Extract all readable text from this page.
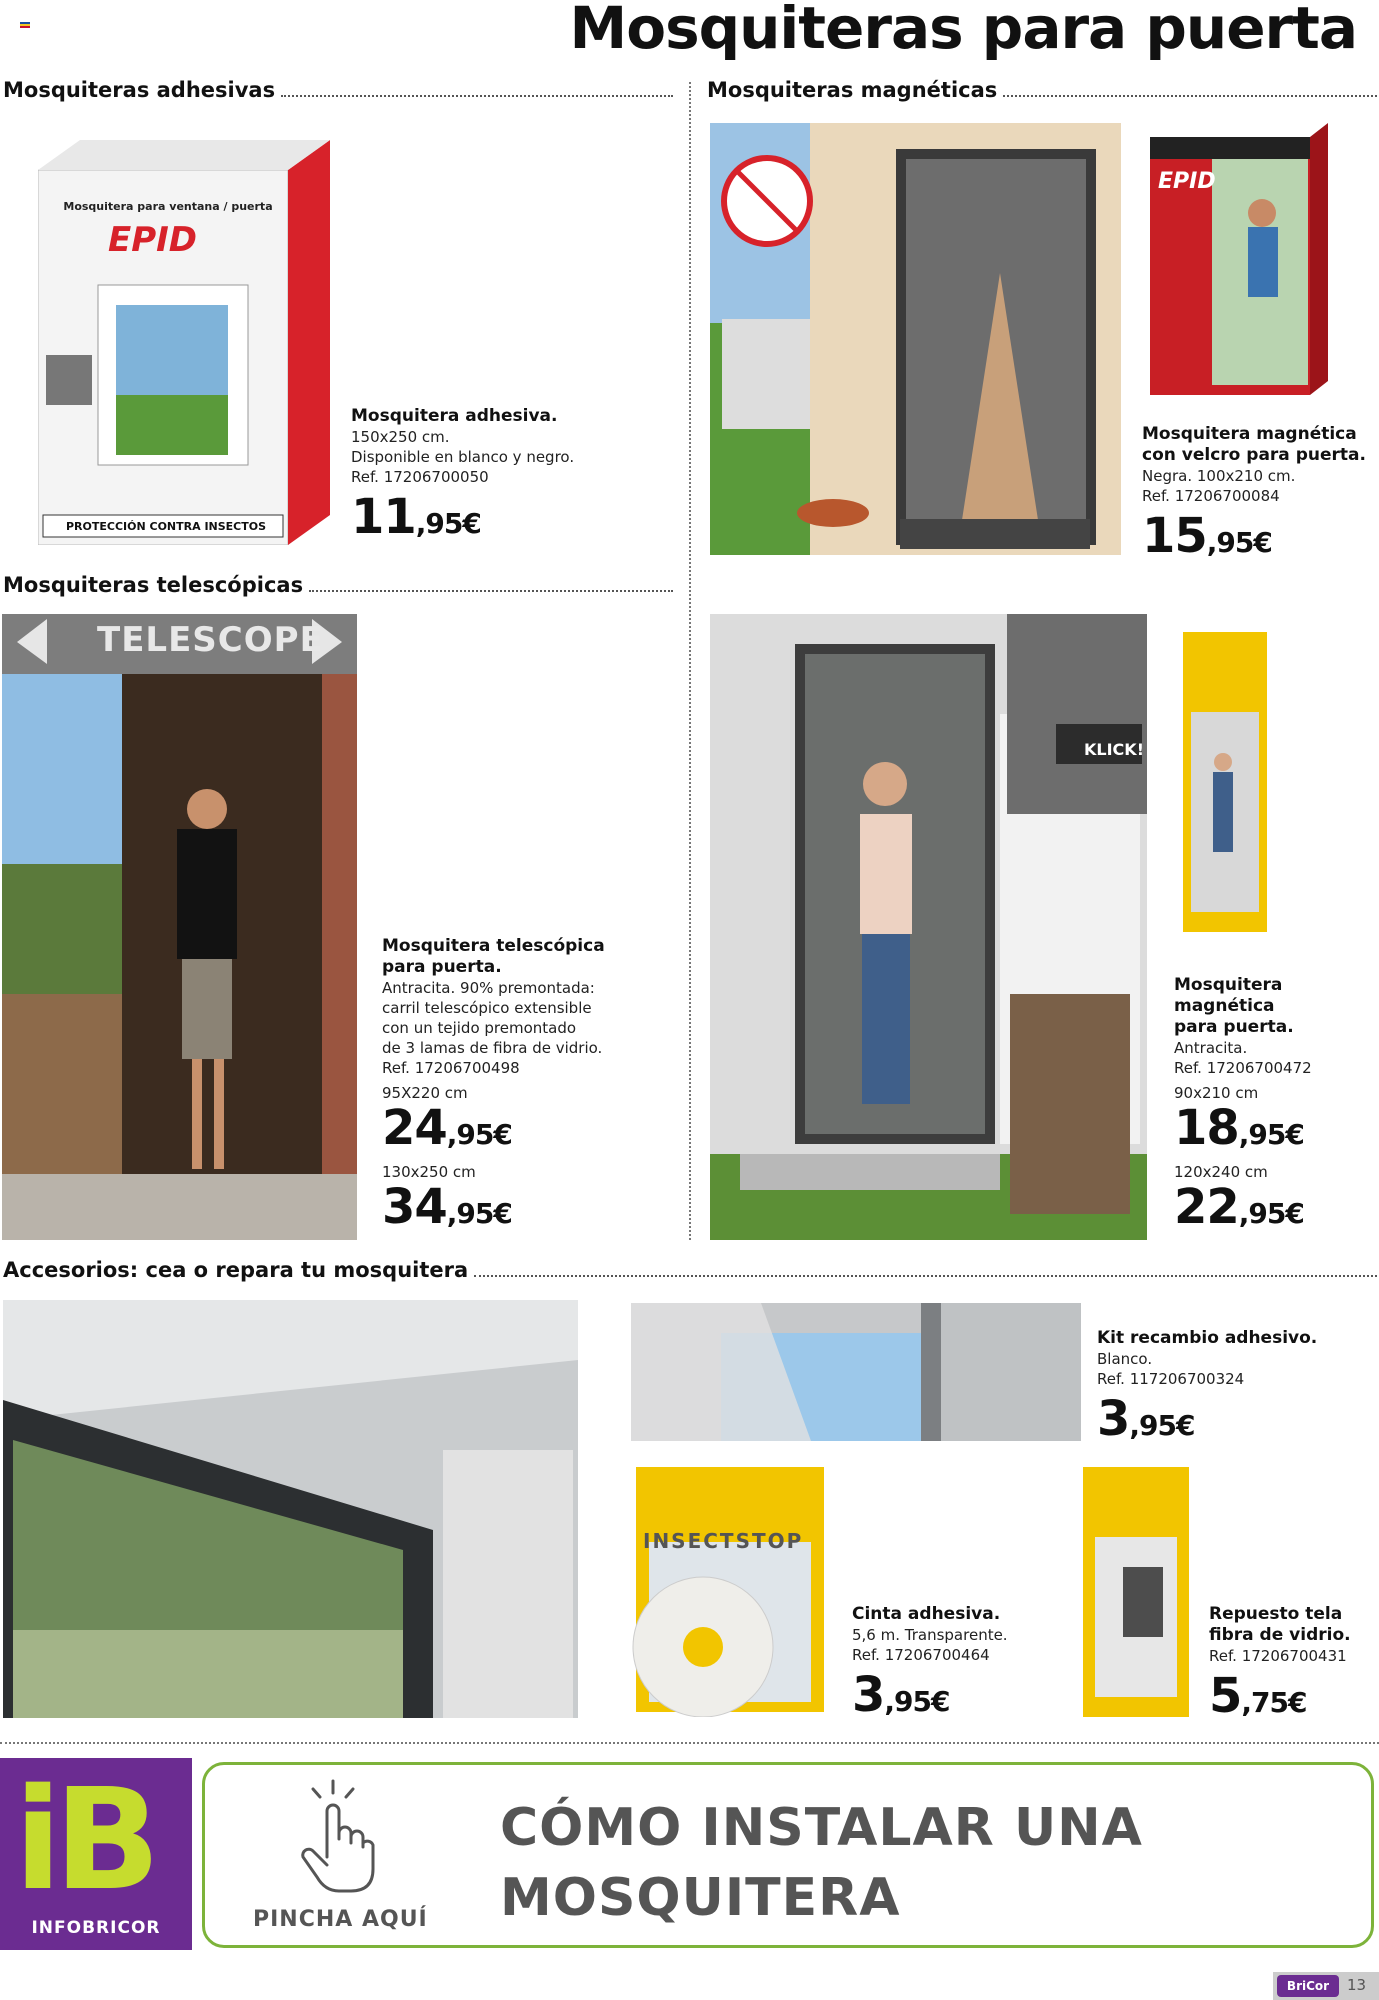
Mosquiteras para puerta
Mosquiteras adhesivas	Mosquiteras magnéticas
Mosquiteras telescópicas
Accesorios: cea o repara tu mosquitera
Mosquitera para ventana / puerta
EPID
PROTECCIÓN CONTRA INSECTOS
Mosquitera adhesiva.
150x250 cm.
Disponible en blanco y negro.
Ref. 17206700050
11,95€
EPID
Mosquitera magnética
con velcro para puerta.
Negra. 100x210 cm.
Ref. 17206700084
15,95€
TELESCOPE
Mosquitera telescópica
para puerta.
Antracita. 90% premontada:
carril telescópico extensible
con un tejido premontado
de 3 lamas de fibra de vidrio.
Ref. 17206700498
95X220 cm
24,95€
130x250 cm
34,95€
KLICK!
Mosquitera
magnética
para puerta.
Antracita.
Ref. 17206700472
90x210 cm
18,95€
120x240 cm
22,95€
Kit recambio adhesivo.
Blanco.
Ref. 117206700324
3,95€
INSECTSTOP
Cinta adhesiva.
5,6 m. Transparente.
Ref. 17206700464
3,95€
Repuesto tela
fibra de vidrio.
Ref. 17206700431
5,75€
iB
INFOBRICOR	PINCHA AQUÍ
CÓMO INSTALAR UNA
MOSQUITERA
BriCor	13
